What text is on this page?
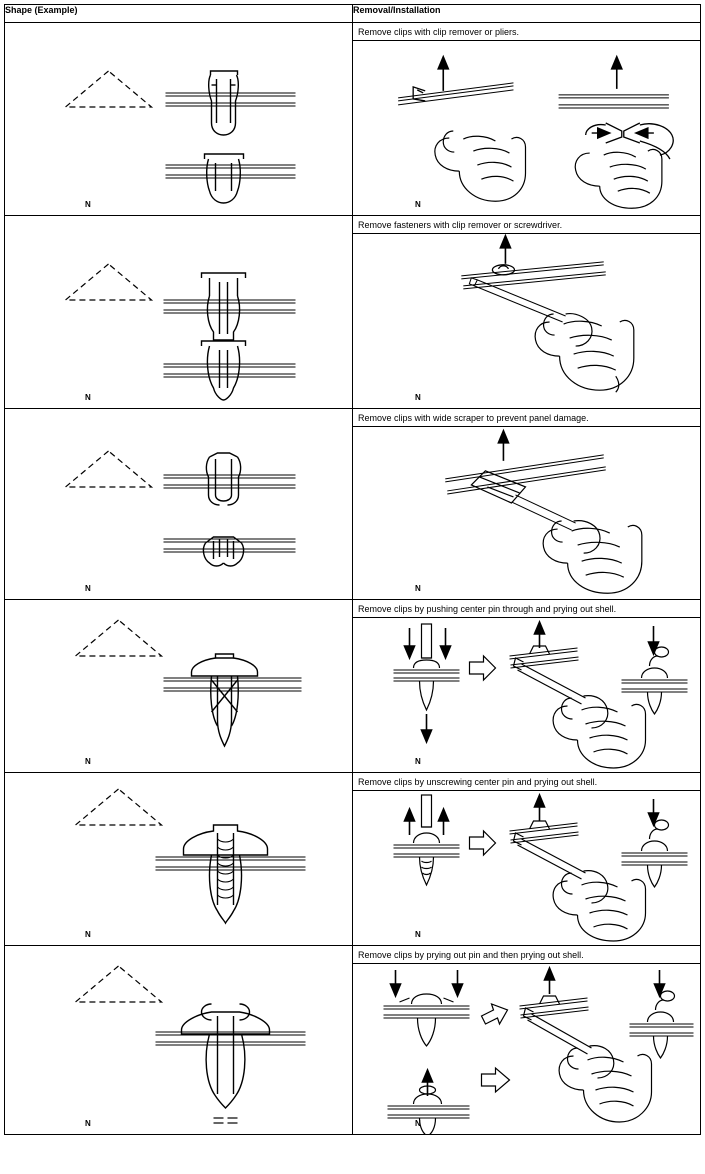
Shape (Example)	Removal/Installation

N	Remove clips with clip remover or pliers.
N

N	Remove fasteners with clip remover or screwdriver.
N

N	Remove clips with wide scraper to prevent panel damage.
N

N	Remove clips by pushing center pin through and prying out shell.
N

N	Remove clips by unscrewing center pin and prying out shell.
N

N	Remove clips by prying out pin and then prying out shell.
N
